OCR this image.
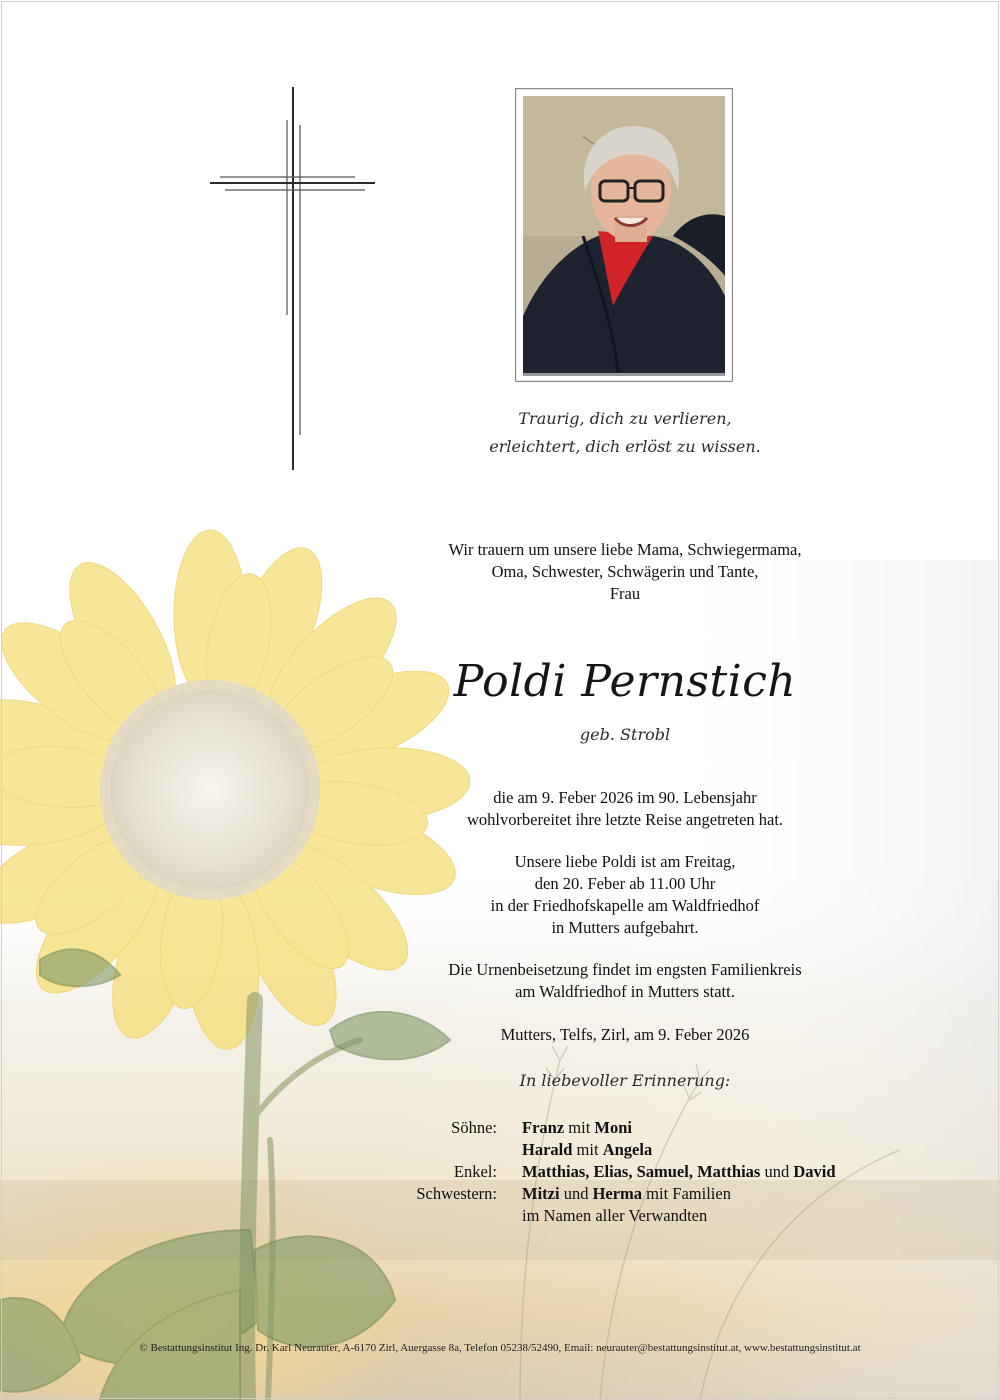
Traurig, dich zu verlieren,
erleichtert, dich erlöst zu wissen.
Wir trauern um unsere liebe Mama, Schwiegermama,
Oma, Schwester, Schwägerin und Tante,
Frau
Poldi Pernstich
geb. Strobl
die am 9. Feber 2026 im 90. Lebensjahr
wohlvorbereitet ihre letzte Reise angetreten hat.
Unsere liebe Poldi ist am Freitag,
den 20. Feber ab 11.00 Uhr
in der Friedhofskapelle am Waldfriedhof
in Mutters aufgebahrt.
Die Urnenbeisetzung findet im engsten Familienkreis
am Waldfriedhof in Mutters statt.
Mutters, Telfs, Zirl, am 9. Feber 2026
In liebevoller Erinnerung:
Söhne:	Franz mit Moni
Harald mit Angela
Enkel:	Matthias, Elias, Samuel, Matthias und David
Schwestern:	Mitzi und Herma mit Familien
im Namen aller Verwandten
© Bestattungsinstitut Ing. Dr. Karl Neurauter, A-6170 Zirl, Auergasse 8a, Telefon 05238/52490, Email: neurauter@bestattungsinstitut.at, www.bestattungsinstitut.at
